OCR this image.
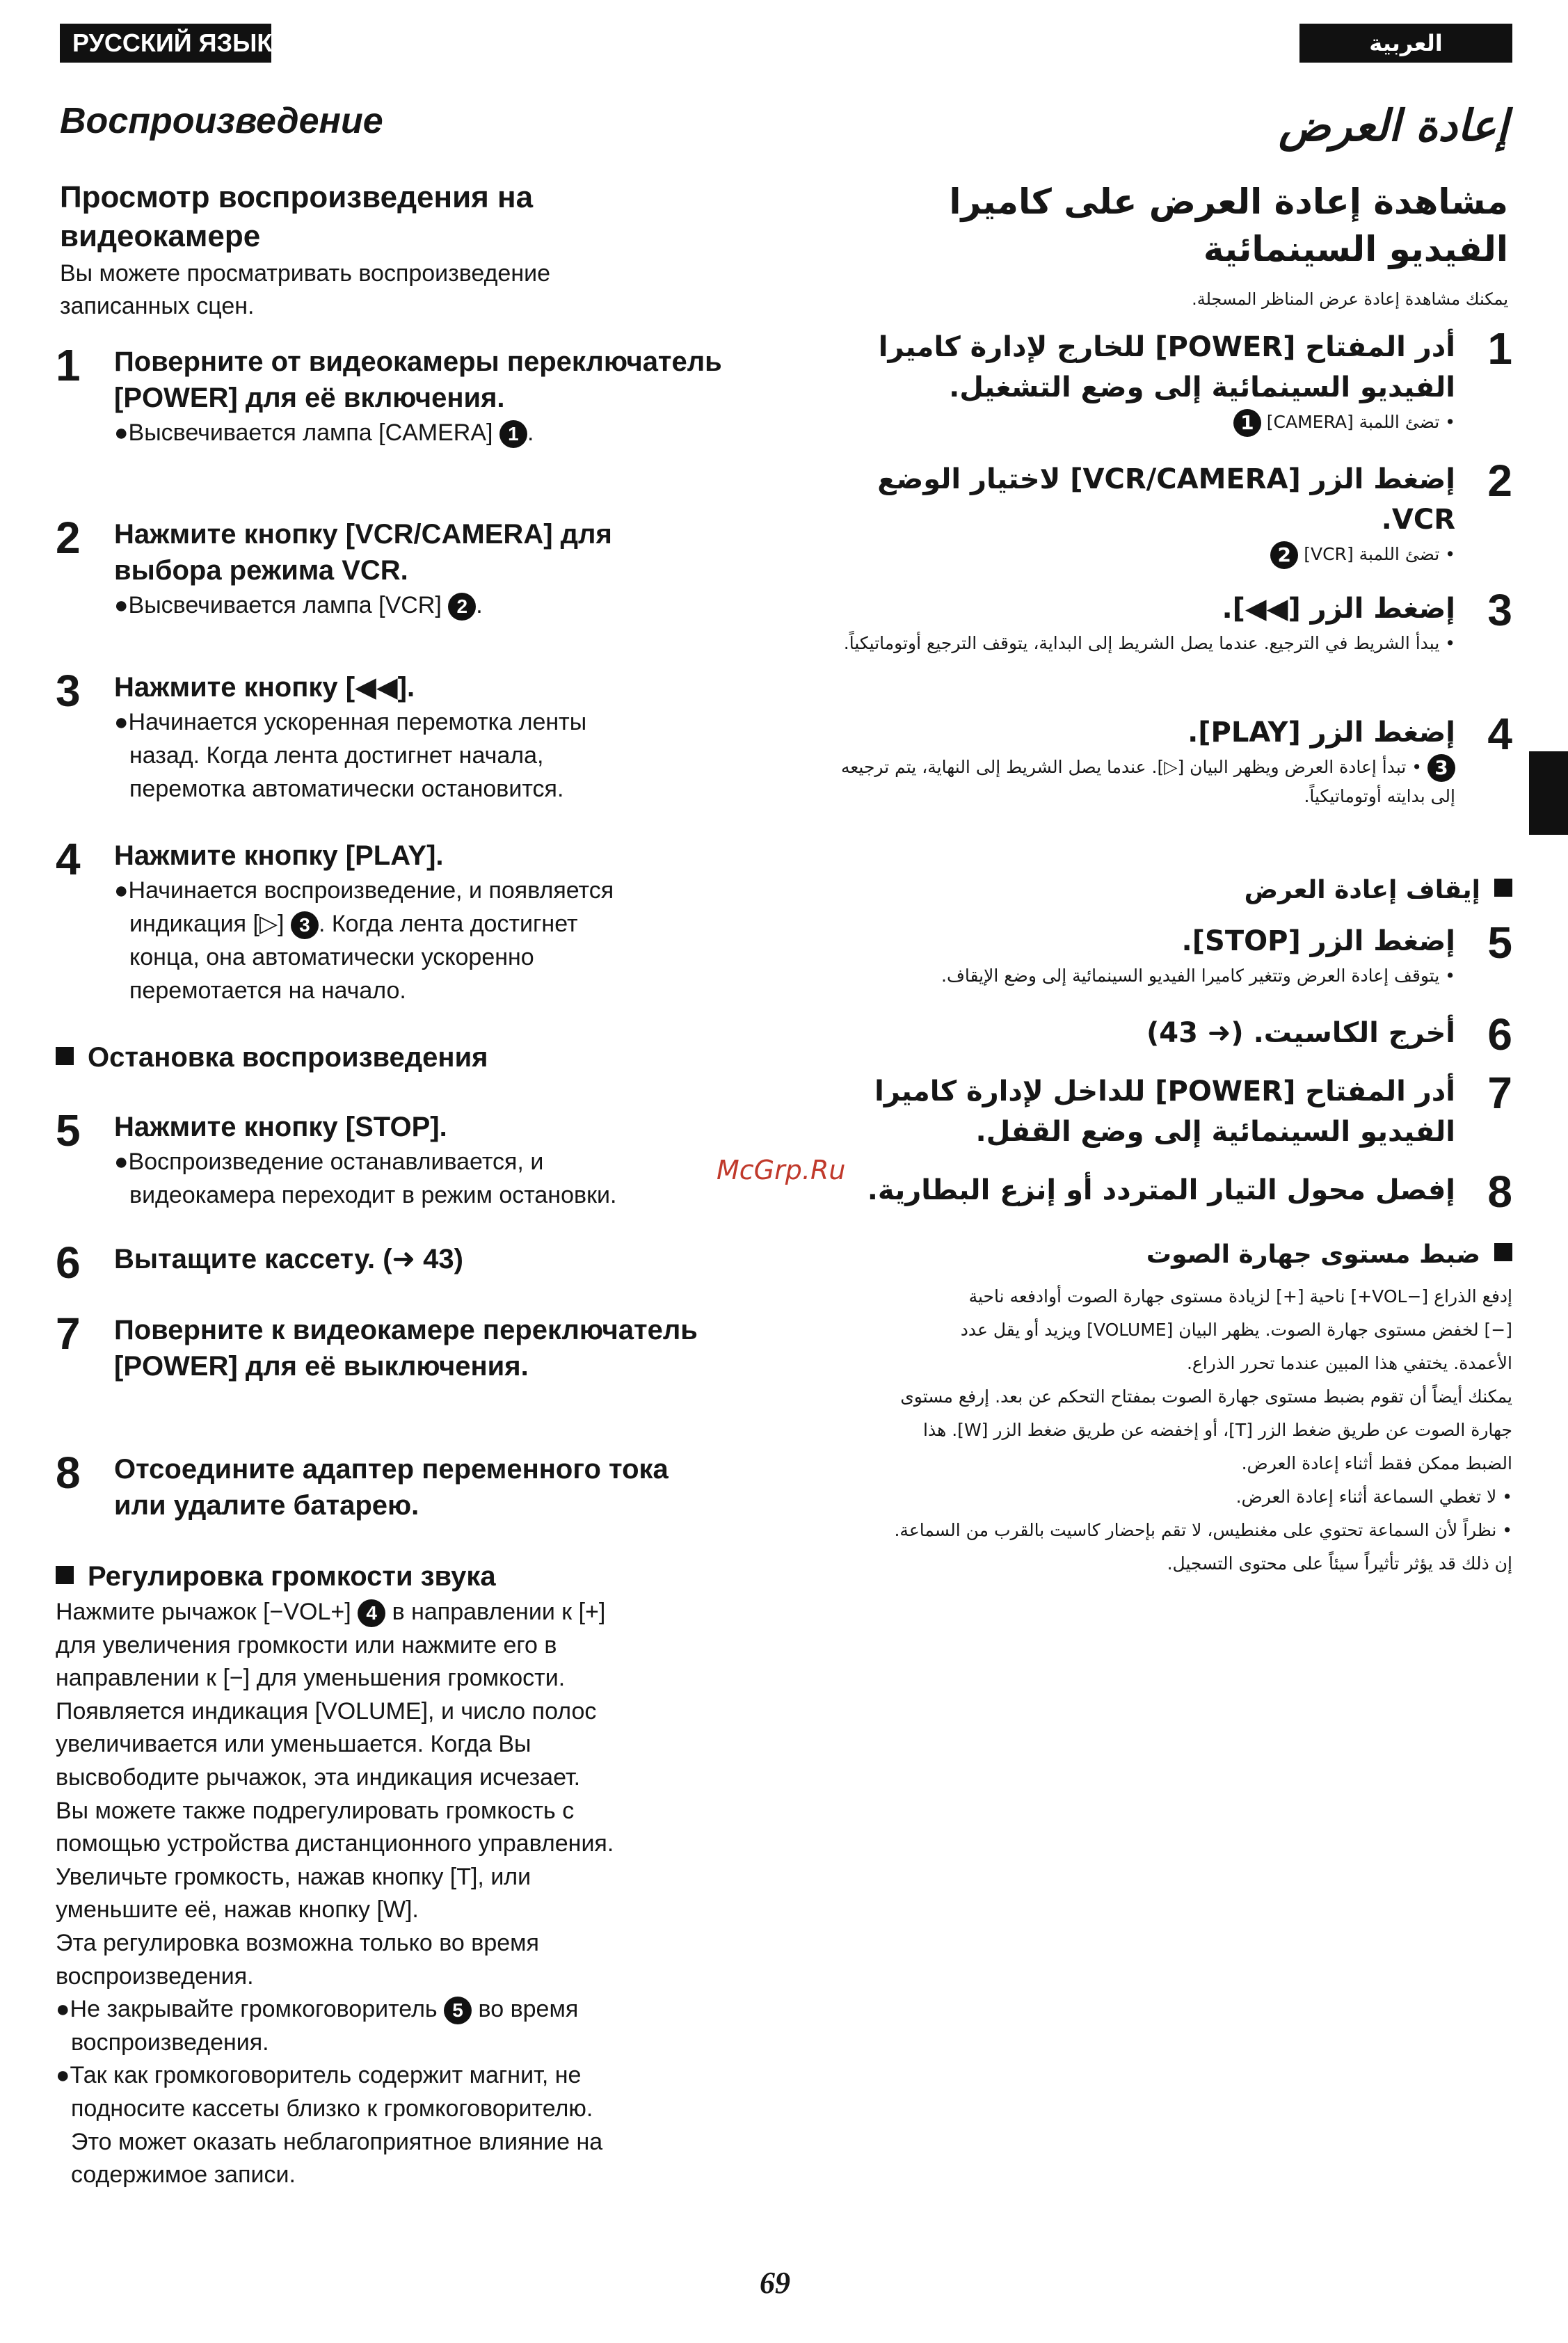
РУССКИЙ ЯЗЫК	العربية
Воспроизведение
Просмотр воспроизведения на видеокамере
Вы можете просматривать воспроизведение записанных сцен.
1 Поверните от видеокамеры переключатель [POWER] для её включения.
●Высвечивается лампа [CAMERA] 1 .
2 Нажмите кнопку [VCR/CAMERA] для выбора режима VCR.
●Высвечивается лампа [VCR] 2 .
3 Нажмите кнопку [◀◀].
●Начинается ускоренная перемотка ленты
назад. Когда лента достигнет начала,
перемотка автоматически остановится.
4 Нажмите кнопку [PLAY].
●Начинается воспроизведение, и появляется
индикация [▷] 3 . Когда лента достигнет
конца, она автоматически ускоренно
перемотается на начало.
Остановка воспроизведения
5 Нажмите кнопку [STOP].
●Воспроизведение останавливается, и
видеокамера переходит в режим остановки.
6 Вытащите кассету. (➜ 43)
7 Поверните к видеокамере переключатель [POWER] для её выключения.
8 Отсоедините адаптер переменного тока или удалите батарею.
Регулировка громкости звука
Нажмите рычажок [−VOL+] 4 в направлении к [+]
для увеличения громкости или нажмите его в
направлении к [−] для уменьшения громкости.
Появляется индикация [VOLUME], и число полос
увеличивается или уменьшается. Когда Вы
высвободите рычажок, эта индикация исчезает.
Вы можете также подрегулировать громкость с
помощью устройства дистанционного управления.
Увеличьте громкость, нажав кнопку [T], или
уменьшите её, нажав кнопку [W].
Эта регулировка возможна только во время
воспроизведения.
●Не закрывайте громкоговоритель 5 во время
воспроизведения.
●Так как громкоговоритель содержит магнит, не
подносите кассеты близко к громкоговорителю.
Это может оказать неблагоприятное влияние на
содержимое записи.
إعادة العرض
مشاهدة إعادة العرض على كاميرا الفيديو السينمائية
يمكنك مشاهدة إعادة عرض المناظر المسجلة.
1
أدر المفتاح [POWER] للخارج لإدارة كاميرا الفيديو السينمائية إلى وضع التشغيل.
• تضئ اللمبة [CAMERA] 1
2
إضغط الزر [VCR/CAMERA] لاختيار الوضع VCR.
• تضئ اللمبة [VCR] 2
3
إضغط الزر [◀◀].
• يبدأ الشريط في الترجيع. عندما يصل الشريط إلى البداية، يتوقف الترجيع أوتوماتيكياً.
4
إضغط الزر [PLAY].
3 • تبدأ إعادة العرض ويظهر البيان [▷]. عندما يصل الشريط إلى النهاية، يتم ترجيعه إلى بدايته أوتوماتيكياً.
إيقاف إعادة العرض
5
إضغط الزر [STOP].
• يتوقف إعادة العرض وتتغير كاميرا الفيديو السينمائية إلى وضع الإيقاف.
6
أخرج الكاسيت. (➜ 43)
7
أدر المفتاح [POWER] للداخل لإدارة كاميرا الفيديو السينمائية إلى وضع القفل.
8
إفصل محول التيار المتردد أو إنزع البطارية.
ضبط مستوى جهارة الصوت
إدفع الذراع [−VOL+] ناحية [+] لزيادة مستوى جهارة الصوت أوادفعه ناحية
[−] لخفض مستوى جهارة الصوت. يظهر البيان [VOLUME] ويزيد أو يقل عدد
الأعمدة. يختفي هذا المبين عندما تحرر الذراع.
يمكنك أيضاً أن تقوم بضبط مستوى جهارة الصوت بمفتاح التحكم عن بعد. إرفع مستوى
جهارة الصوت عن طريق ضغط الزر [T]، أو إخفضه عن طريق ضغط الزر [W]. هذا
الضبط ممكن فقط أثناء إعادة العرض.
• لا تغطي السماعة أثناء إعادة العرض.
• نظراً لأن السماعة تحتوي على مغنطيس، لا تقم بإحضار كاسيت بالقرب من السماعة.
إن ذلك قد يؤثر تأثيراً سيئاً على محتوى التسجيل.
McGrp.Ru
69
